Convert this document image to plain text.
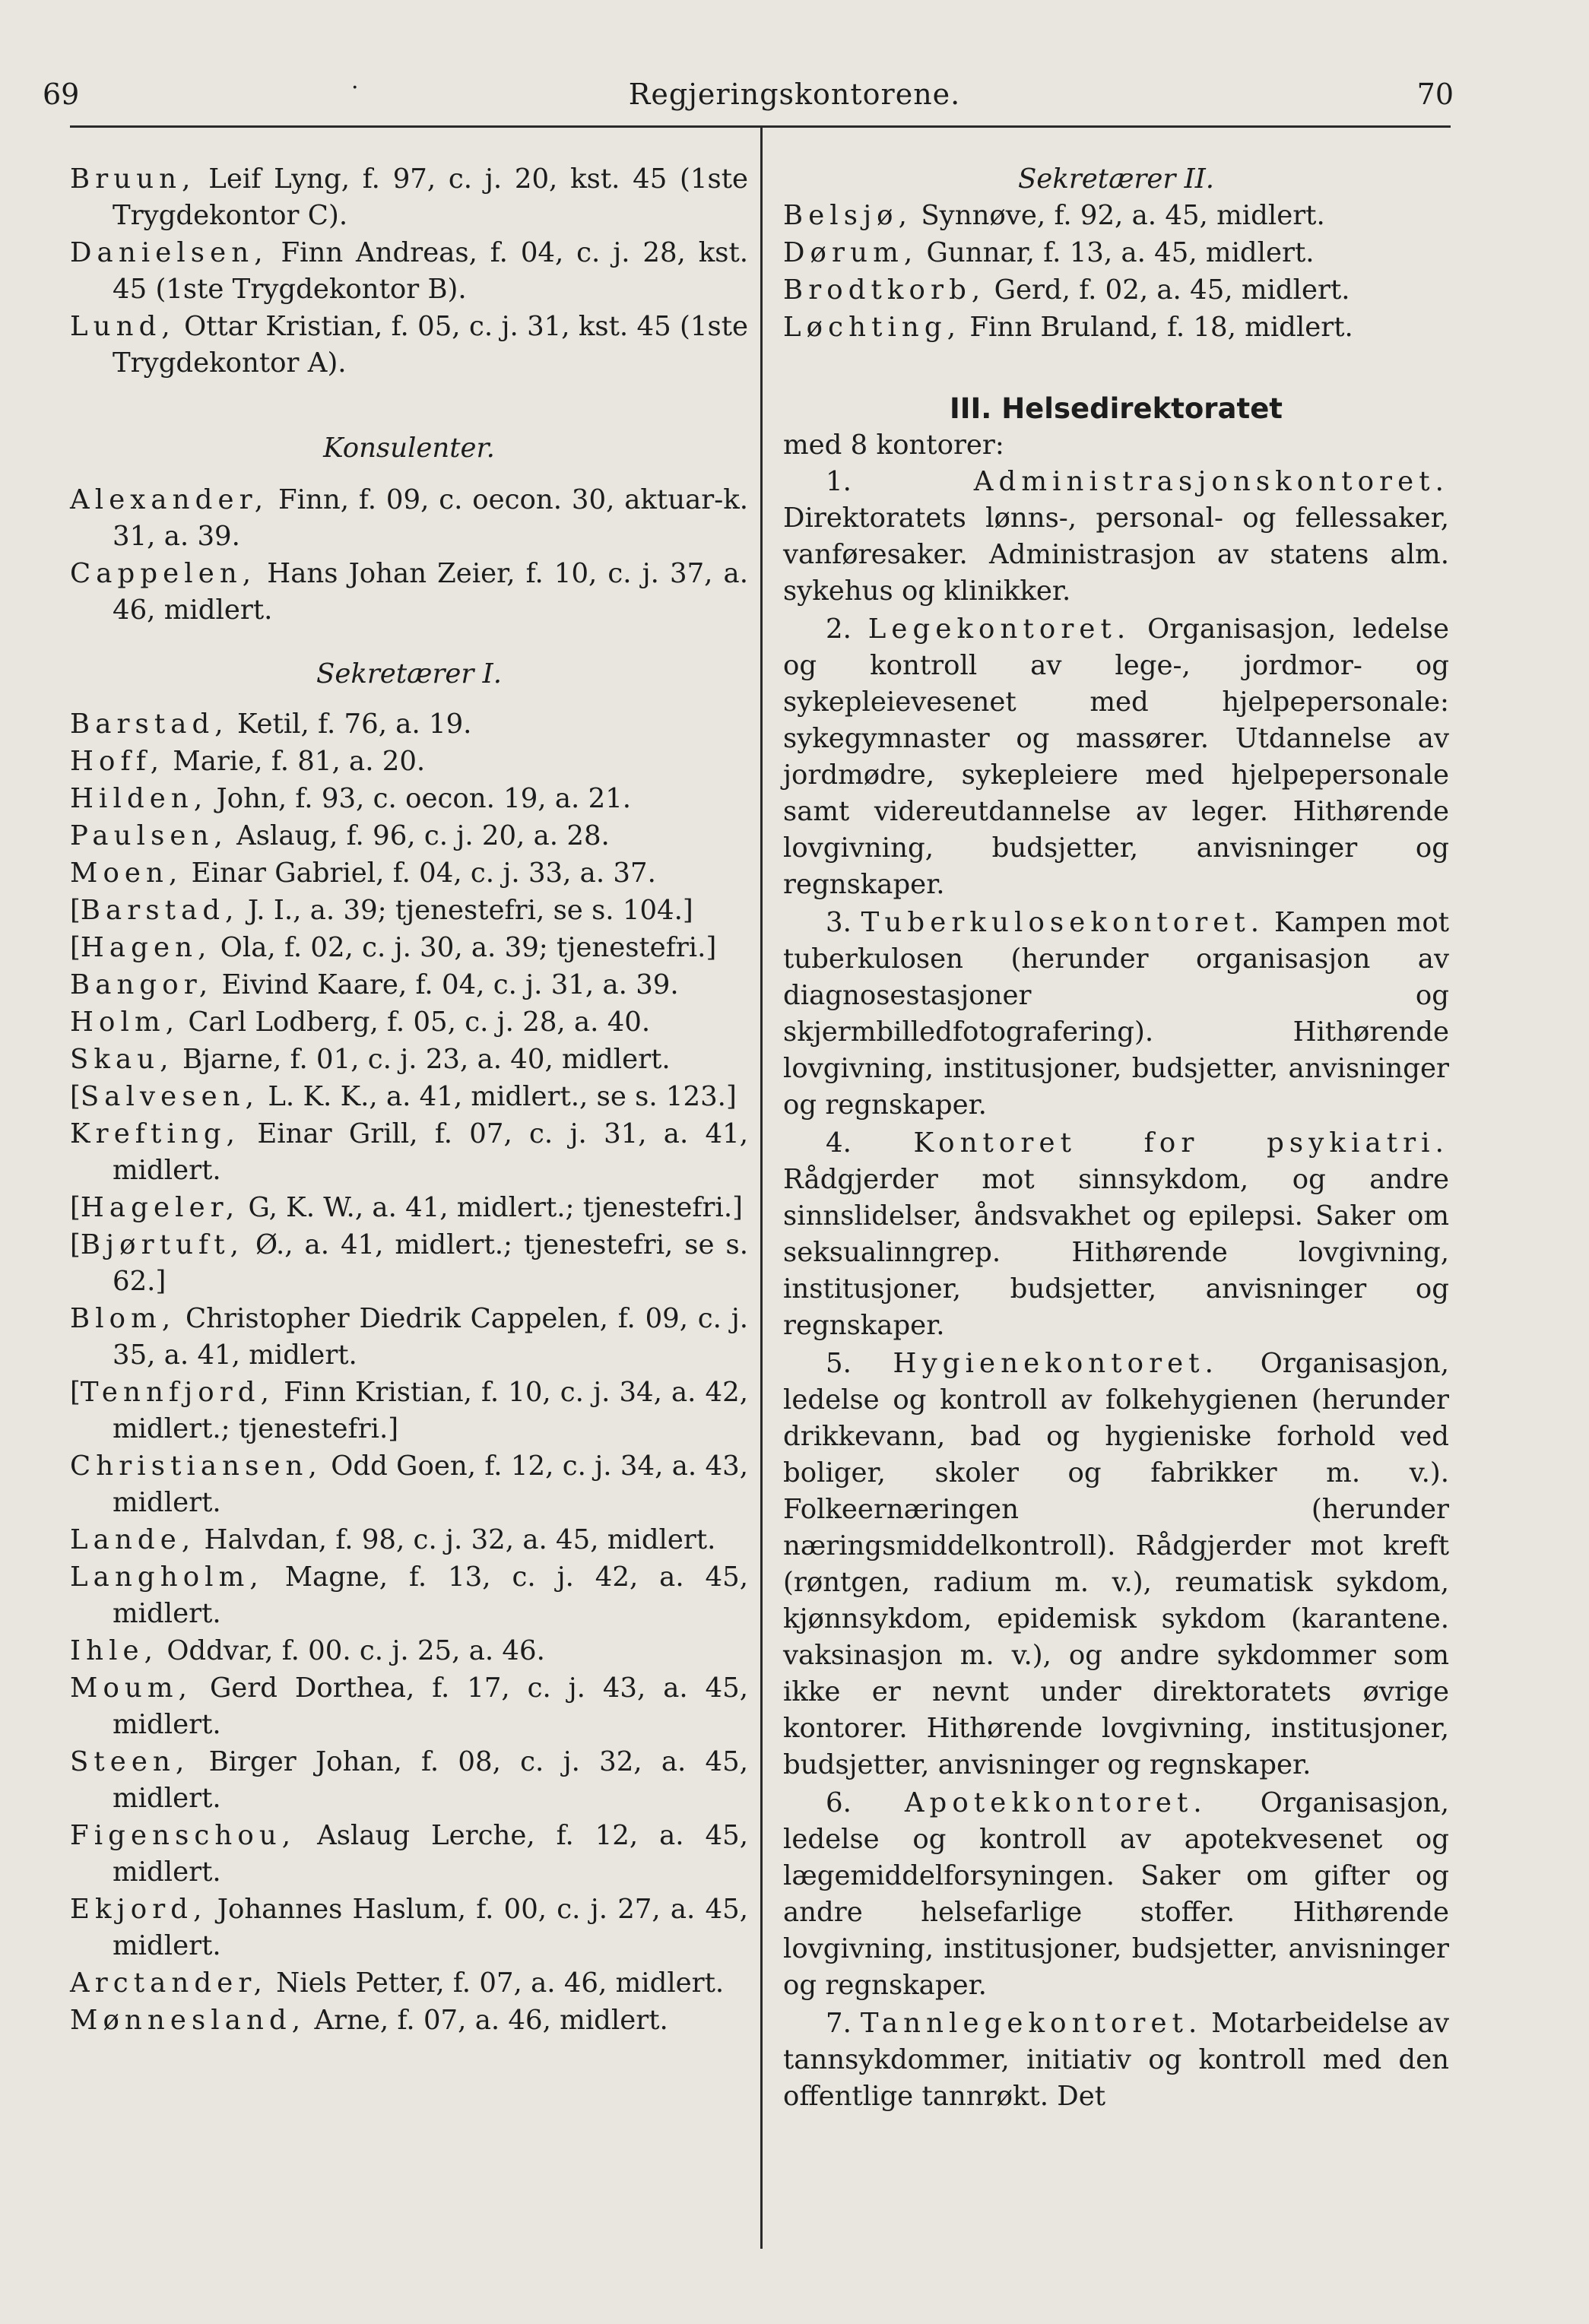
69	·	Regjeringskontorene.	70
Bruun, Leif Lyng, f. 97, c. j. 20, kst. 45 (1ste Trygdekontor C).
Danielsen, Finn Andreas, f. 04, c. j. 28, kst. 45 (1ste Trygdekontor B).
Lund, Ottar Kristian, f. 05, c. j. 31, kst. 45 (1ste Trygdekontor A).
Konsulenter.
Alexander, Finn, f. 09, c. oecon. 30, aktuar-k. 31, a. 39.
Cappelen, Hans Johan Zeier, f. 10, c. j. 37, a. 46, midlert.
Sekretærer I.
Barstad, Ketil, f. 76, a. 19.
Hoff, Marie, f. 81, a. 20.
Hilden, John, f. 93, c. oecon. 19, a. 21.
Paulsen, Aslaug, f. 96, c. j. 20, a. 28.
Moen, Einar Gabriel, f. 04, c. j. 33, a. 37.
[Barstad, J. I., a. 39; tjenestefri, se s. 104.]
[Hagen, Ola, f. 02, c. j. 30, a. 39; tjenestefri.]
Bangor, Eivind Kaare, f. 04, c. j. 31, a. 39.
Holm, Carl Lodberg, f. 05, c. j. 28, a. 40.
Skau, Bjarne, f. 01, c. j. 23, a. 40, midlert.
[Salvesen, L. K. K., a. 41, midlert., se s. 123.]
Krefting, Einar Grill, f. 07, c. j. 31, a. 41, midlert.
[Hageler, G, K. W., a. 41, midlert.; tjenestefri.]
[Bjørtuft, Ø., a. 41, midlert.; tjenestefri, se s. 62.]
Blom, Christopher Diedrik Cappelen, f. 09, c. j. 35, a. 41, midlert.
[Tennfjord, Finn Kristian, f. 10, c. j. 34, a. 42, midlert.; tjenestefri.]
Christiansen, Odd Goen, f. 12, c. j. 34, a. 43, midlert.
Lande, Halvdan, f. 98, c. j. 32, a. 45, midlert.
Langholm, Magne, f. 13, c. j. 42, a. 45, midlert.
Ihle, Oddvar, f. 00. c. j. 25, a. 46.
Moum, Gerd Dorthea, f. 17, c. j. 43, a. 45, midlert.
Steen, Birger Johan, f. 08, c. j. 32, a. 45, midlert.
Figenschou, Aslaug Lerche, f. 12, a. 45, midlert.
Ekjord, Johannes Haslum, f. 00, c. j. 27, a. 45, midlert.
Arctander, Niels Petter, f. 07, a. 46, midlert.
Mønnesland, Arne, f. 07, a. 46, midlert.
Sekretærer II.
Belsjø, Synnøve, f. 92, a. 45, midlert.
Dørum, Gunnar, f. 13, a. 45, midlert.
Brodtkorb, Gerd, f. 02, a. 45, midlert.
Løchting, Finn Bruland, f. 18, midlert.
III. Helsedirektoratet
med 8 kontorer:
1. Administrasjonskontoret. Direktoratets lønns-, personal- og fellessaker, vanføresaker. Administrasjon av statens alm. sykehus og klinikker.
2. Legekontoret. Organisasjon, ledelse og kontroll av lege-, jordmor- og sykepleievesenet med hjelpepersonale: sykegymnaster og massører. Utdannelse av jordmødre, sykepleiere med hjelpepersonale samt videreutdannelse av leger. Hithørende lovgivning, budsjetter, anvisninger og regnskaper.
3. Tuberkulosekontoret. Kampen mot tuberkulosen (herunder organisasjon av diagnosestasjoner og skjermbilledfotografering). Hithørende lovgivning, institusjoner, budsjetter, anvisninger og regnskaper.
4. Kontoret for psykiatri. Rådgjerder mot sinnsykdom, og andre sinnslidelser, åndsvakhet og epilepsi. Saker om seksualinngrep. Hithørende lovgivning, institusjoner, budsjetter, anvisninger og regnskaper.
5. Hygienekontoret. Organisasjon, ledelse og kontroll av folkehygienen (herunder drikkevann, bad og hygieniske forhold ved boliger, skoler og fabrikker m. v.). Folkeernæringen (herunder næringsmiddelkontroll). Rådgjerder mot kreft (røntgen, radium m. v.), reumatisk sykdom, kjønnsykdom, epidemisk sykdom (karantene. vaksinasjon m. v.), og andre sykdommer som ikke er nevnt under direktoratets øvrige kontorer. Hithørende lovgivning, institusjoner, budsjetter, anvisninger og regnskaper.
6. Apotekkontoret. Organisasjon, ledelse og kontroll av apotekvesenet og lægemiddelforsyningen. Saker om gifter og andre helsefarlige stoffer. Hithørende lovgivning, institusjoner, budsjetter, anvisninger og regnskaper.
7. Tannlegekontoret. Motarbeidelse av tannsykdommer, initiativ og kontroll med den offentlige tannrøkt. Det
